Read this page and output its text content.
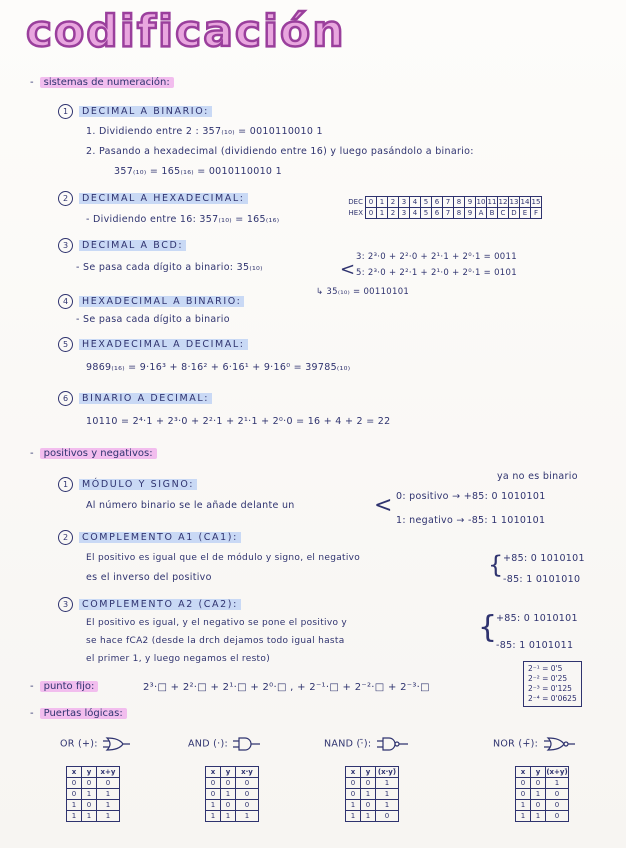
codificación
- sistemas de numeración:
1 DECIMAL A BINARIO:
1. Dividiendo entre 2 : 357₍₁₀₎ = 0010110010 1
2. Pasando a hexadecimal (dividiendo entre 16) y luego pasándolo a binario:
357₍₁₀₎ = 165₍₁₆₎ = 0010110010 1
2 DECIMAL A HEXADECIMAL:
- Dividiendo entre 16: 357₍₁₀₎ = 165₍₁₆₎
DEC	0	1	2	3	4	5	6	7	8	9	10	11	12	13	14	15
HEX	0	1	2	3	4	5	6	7	8	9	A	B	C	D	E	F
3 DECIMAL A BCD:
- Se pasa cada dígito a binario: 35₍₁₀₎	<
3: 2³·0 + 2²·0 + 2¹·1 + 2⁰·1 = 0011
5: 2³·0 + 2²·1 + 2¹·0 + 2⁰·1 = 0101
↳ 35₍₁₀₎ = 00110101
4 HEXADECIMAL A BINARIO:
- Se pasa cada dígito a binario
5 HEXADECIMAL A DECIMAL:
9869₍₁₆₎ = 9·16³ + 8·16² + 6·16¹ + 9·16⁰ = 39785₍₁₀₎
6 BINARIO A DECIMAL:
10110 = 2⁴·1 + 2³·0 + 2²·1 + 2¹·1 + 2⁰·0 = 16 + 4 + 2 = 22
- positivos y negativos:
ya no es binario
1 MÓDULO Y SIGNO:
Al número binario se le añade delante un	< 0: positivo → +85: 0 1010101
1: negativo → -85: 1 1010101
2 COMPLEMENTO A1 (CA1):
El positivo es igual que el de módulo y signo, el negativo
es el inverso del positivo	{ +85: 0 1010101
-85: 1 0101010
3 COMPLEMENTO A2 (CA2):
El positivo es igual, y el negativo se pone el positivo y
se hace fCA2 (desde la drch dejamos todo igual hasta
el primer 1, y luego negamos el resto)
{
+85: 0 1010101
-85: 1 0101011
- punto fijo:	2³·□ + 2²·□ + 2¹·□ + 2⁰·□ , + 2⁻¹·□ + 2⁻²·□ + 2⁻³·□
2⁻¹ = 0'5
2⁻² = 0'25
2⁻³ = 0'125
2⁻⁴ = 0'0625
- Puertas lógicas:
OR (+):
x	y	x+y
0	0	0
0	1	1
1	0	1
1	1	1
AND (·):
x	y	x·y
0	0	0
0	1	0
1	0	0
1	1	1
NAND (·̄):
x	y	(x·y)̄
0	0	1
0	1	1
1	0	1
1	1	0
NOR (+̄):
x	y	(x+y)̄
0	0	1
0	1	0
1	0	0
1	1	0
